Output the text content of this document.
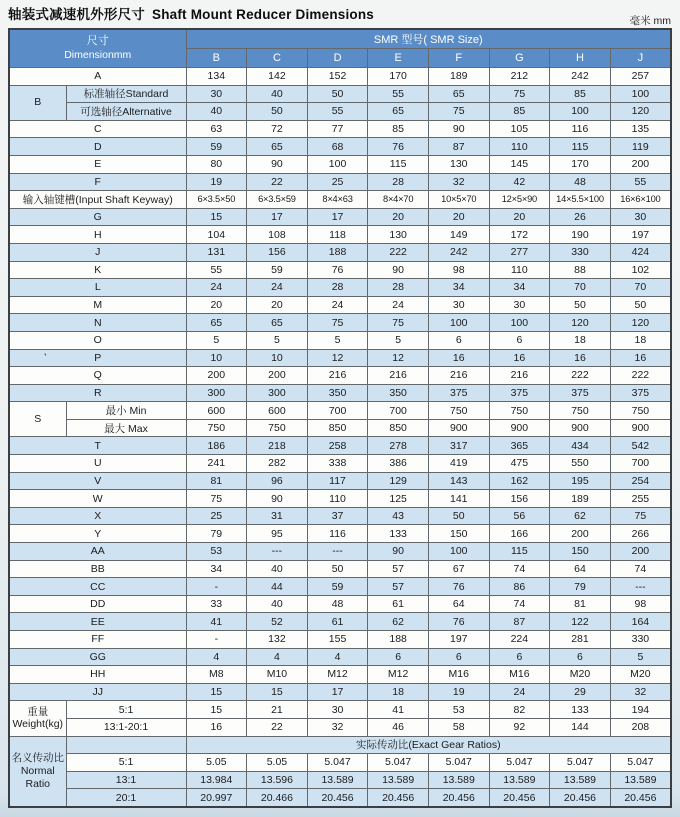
轴装式减速机外形尺寸 Shaft Mount Reducer Dimensions	毫米 mm
尺寸
Dimensionmm		SMR 型号( SMR Size)							
		B	C	D	E	F	G	H	J
A		134	142	152	170	189	212	242	257
B	标准轴径Standard	30	40	50	55	65	75	85	100
	可选轴径Alternative	40	50	55	65	75	85	100	120
C		63	72	77	85	90	105	116	135
D		59	65	68	76	87	110	115	119
E		80	90	100	115	130	145	170	200
F		19	22	25	28	32	42	48	55
输入轴键槽(Input Shaft Keyway)		6×3.5×50	6×3.5×59	8×4×63	8×4×70	10×5×70	12×5×90	14×5.5×100	16×6×100
G		15	17	17	20	20	20	26	30
H		104	108	118	130	149	172	190	197
J		131	156	188	222	242	277	330	424
K		55	59	76	90	98	110	88	102
L		24	24	28	28	34	34	70	70
M		20	20	24	24	30	30	50	50
N		65	65	75	75	100	100	120	120
O		5	5	5	5	6	6	18	18
P		10	10	12	12	16	16	16	16
Q		200	200	216	216	216	216	222	222
R		300	300	350	350	375	375	375	375
S	最小 Min	600	600	700	700	750	750	750	750
	最大 Max	750	750	850	850	900	900	900	900
T		186	218	258	278	317	365	434	542
U		241	282	338	386	419	475	550	700
V		81	96	117	129	143	162	195	254
W		75	90	110	125	141	156	189	255
X		25	31	37	43	50	56	62	75
Y		79	95	116	133	150	166	200	266
AA		53	---	---	90	100	115	150	200
BB		34	40	50	57	67	74	64	74
CC		-	44	59	57	76	86	79	---
DD		33	40	48	61	64	74	81	98
EE		41	52	61	62	76	87	122	164
FF		-	132	155	188	197	224	281	330
GG		4	4	4	6	6	6	6	5
HH		M8	M10	M12	M12	M16	M16	M20	M20
JJ		15	15	17	18	19	24	29	32
重量
Weight(kg)	5:1	15	21	30	41	53	82	133	194
	13:1-20:1	16	22	32	46	58	92	144	208
名义传动比
Normal Ratio		实际传动比(Exact Gear Ratios)							
	5:1	5.05	5.05	5.047	5.047	5.047	5.047	5.047	5.047
	13:1	13.984	13.596	13.589	13.589	13.589	13.589	13.589	13.589
	20:1	20.997	20.466	20.456	20.456	20.456	20.456	20.456	20.456
'
